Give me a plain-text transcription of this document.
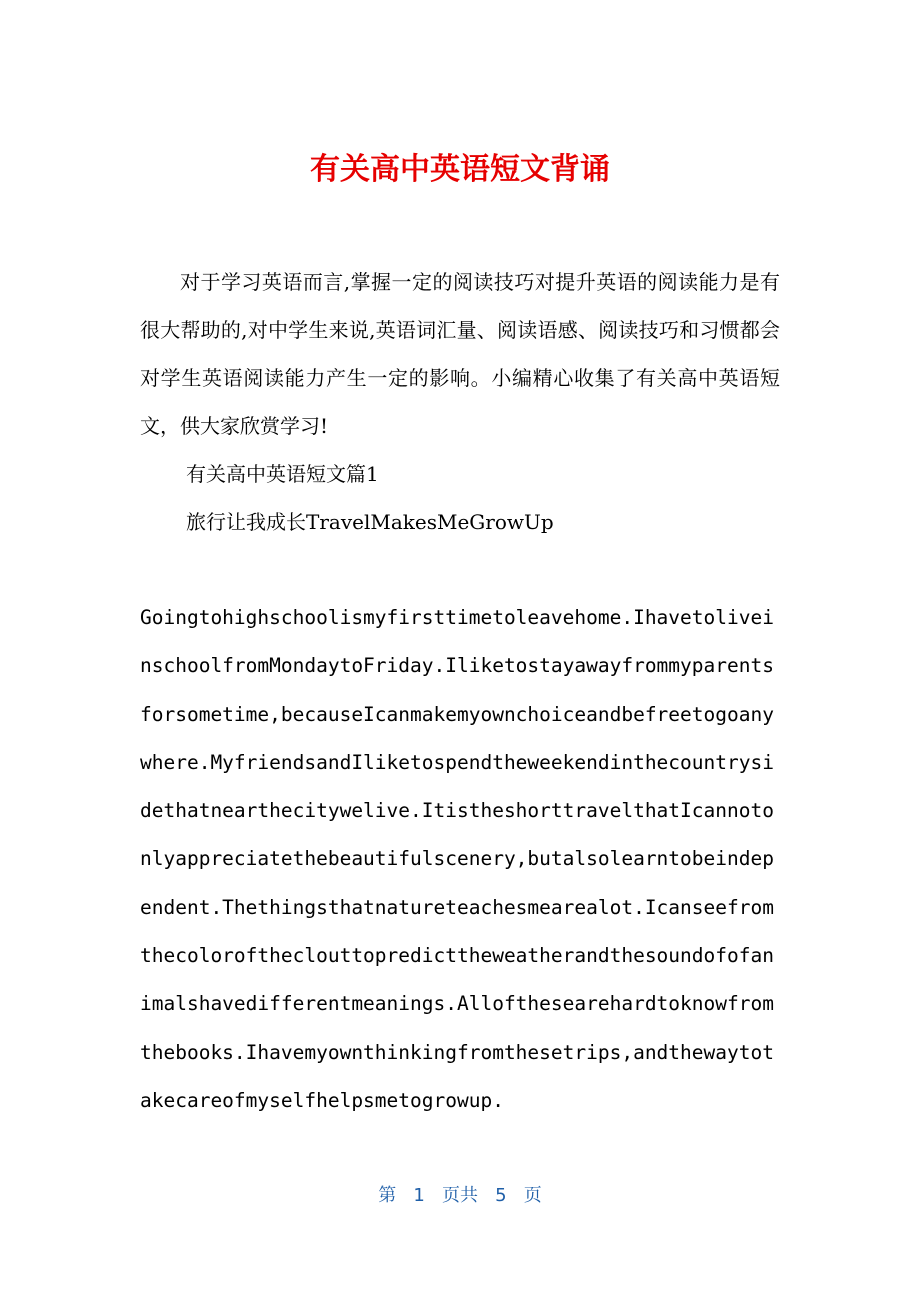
有关高中英语短文背诵

对于学习英语而言,掌握一定的阅读技巧对提升英语的阅读能力是有很大帮助的,对中学生来说,英语词汇量、阅读语感、阅读技巧和习惯都会对学生英语阅读能力产生一定的影响。小编精心收集了有关高中英语短文，供大家欣赏学习!

有关高中英语短文篇1

旅行让我成长TravelMakesMeGrowUp

Goingtohighschoolismyfirsttimetoleavehome.IhavetoliveinschoolfromMondaytoFriday.Iliketostayawayfrommyparentsforsometime,becauseIcanmakemyownchoiceandbefreetogoanywhere.MyfriendsandIliketospendtheweekendinthecountrysidethatnearthecitywelive.ItistheshorttravelthatIcannotonlyappreciatethebeautifulscenery,butalsolearntobeindependent.Thethingsthatnatureteachesmearealot.Icanseefromthecoloroftheclouttopredicttheweatherandthesoundofofanimalshavedifferentmeanings.Allofthesearehardtoknowfromthebooks.Ihavemyownthinkingfromthesetrips,andthewaytotakecareofmyselfhelpsmetogrowup.

第 1 页共 5 页
